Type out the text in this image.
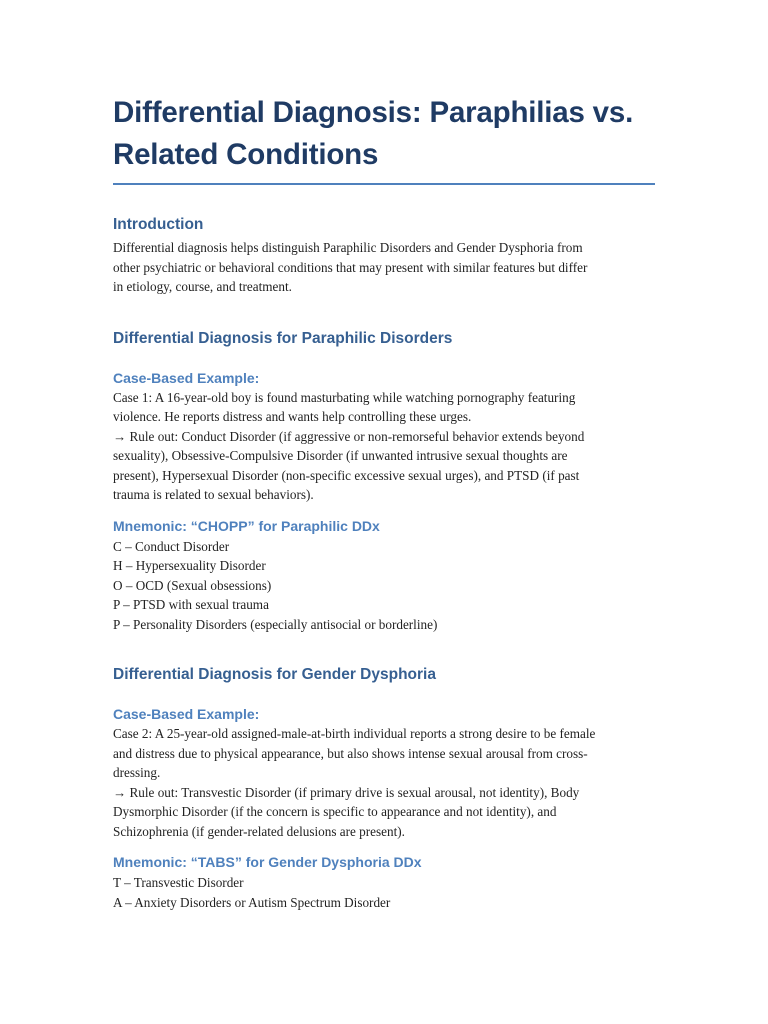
Differential Diagnosis: Paraphilias vs.
Related Conditions
Introduction

Differential diagnosis helps distinguish Paraphilic Disorders and Gender Dysphoria from
other psychiatric or behavioral conditions that may present with similar features but differ
in etiology, course, and treatment.

Differential Diagnosis for Paraphilic Disorders
Case-Based Example:

Case 1: A 16-year-old boy is found masturbating while watching pornography featuring
violence. He reports distress and wants help controlling these urges.
→ Rule out: Conduct Disorder (if aggressive or non-remorseful behavior extends beyond
sexuality), Obsessive-Compulsive Disorder (if unwanted intrusive sexual thoughts are
present), Hypersexual Disorder (non-specific excessive sexual urges), and PTSD (if past
trauma is related to sexual behaviors).

Mnemonic: “CHOPP” for Paraphilic DDx
C – Conduct Disorder
H – Hypersexuality Disorder
O – OCD (Sexual obsessions)
P – PTSD with sexual trauma
P – Personality Disorders (especially antisocial or borderline)
Differential Diagnosis for Gender Dysphoria
Case-Based Example:

Case 2: A 25-year-old assigned-male-at-birth individual reports a strong desire to be female
and distress due to physical appearance, but also shows intense sexual arousal from cross-
dressing.
→ Rule out: Transvestic Disorder (if primary drive is sexual arousal, not identity), Body
Dysmorphic Disorder (if the concern is specific to appearance and not identity), and
Schizophrenia (if gender-related delusions are present).

Mnemonic: “TABS” for Gender Dysphoria DDx
T – Transvestic Disorder
A – Anxiety Disorders or Autism Spectrum Disorder
